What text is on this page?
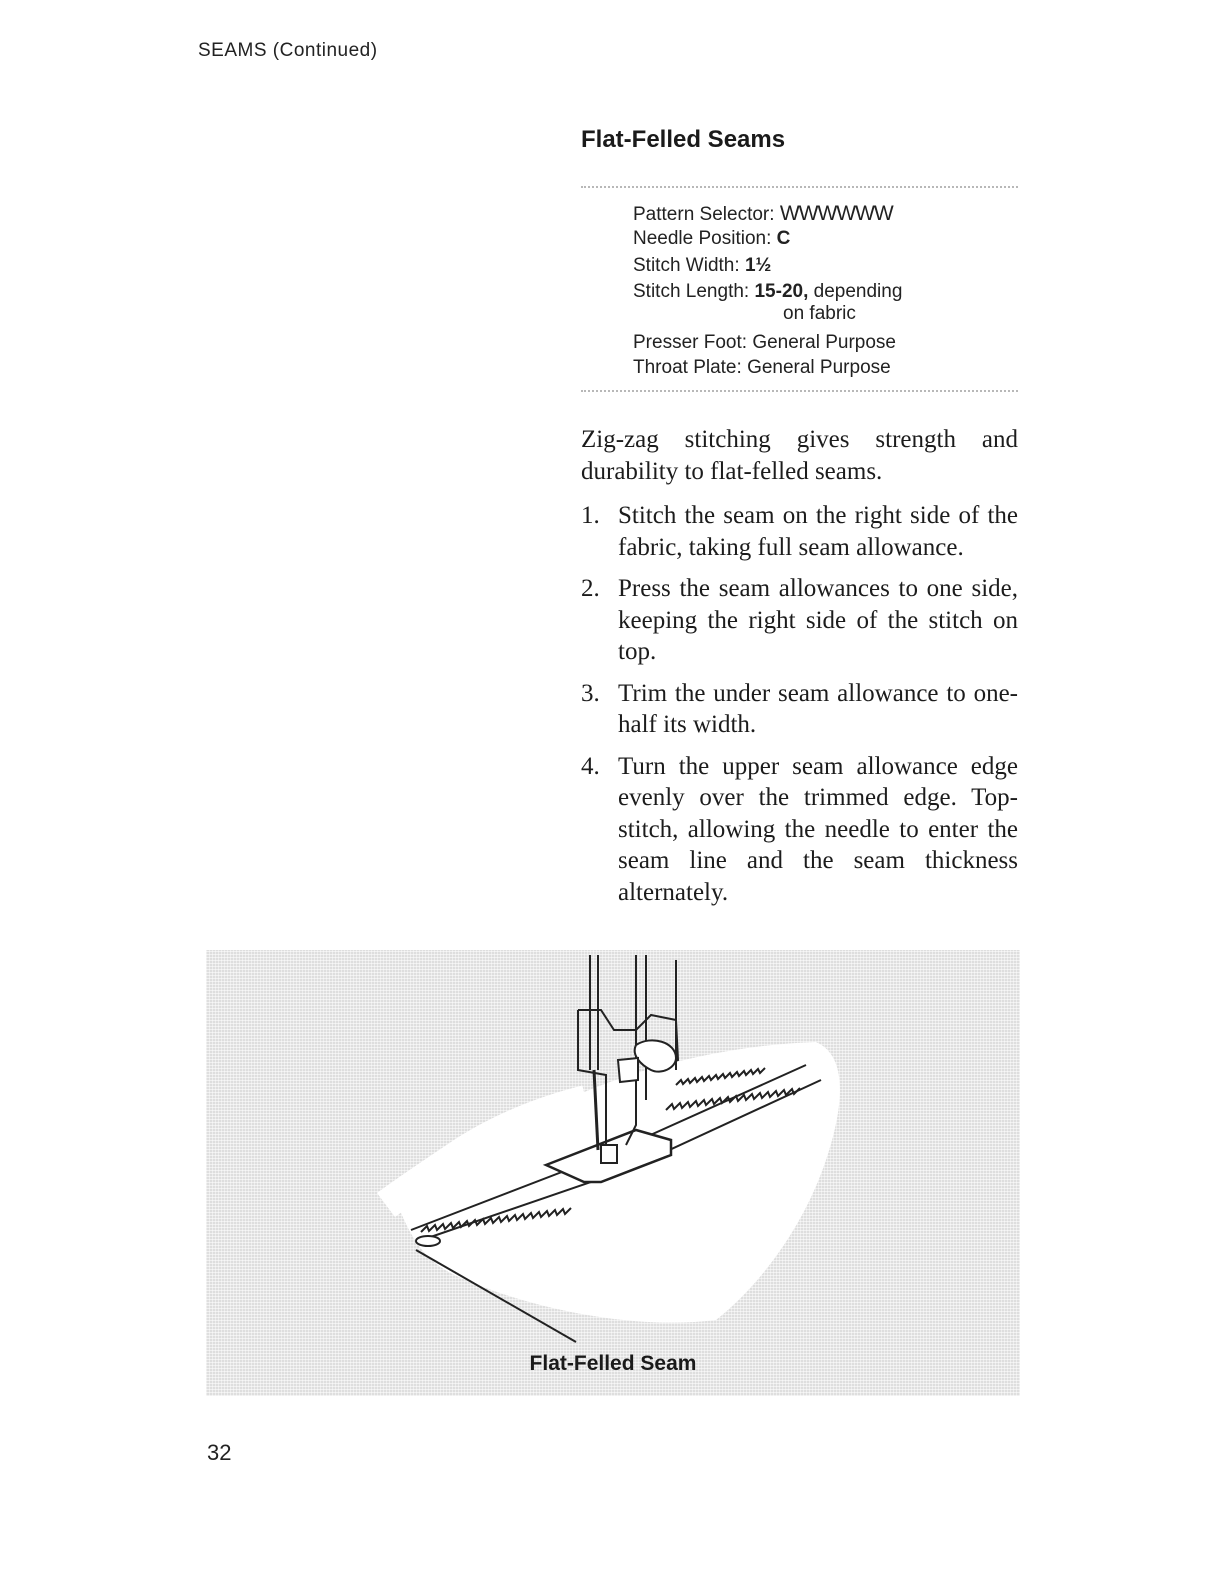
SEAMS (Continued)
Flat-Felled Seams
Pattern Selector: WWWWWW
Needle Position: C
Stitch Width: 1½
Stitch Length: 15-20, depending
on fabric
Presser Foot: General Purpose
Throat Plate: General Purpose
Zig-zag stitching gives strength and durability to flat-felled seams.
1. Stitch the seam on the right side of the fabric, taking full seam allowance.
2. Press the seam allowances to one side, keeping the right side of the stitch on top.
3. Trim the under seam allowance to one-half its width.
4. Turn the upper seam allowance edge evenly over the trimmed edge. Top-stitch, allowing the needle to enter the seam line and the seam thickness alternately.
Flat-Felled Seam
32
